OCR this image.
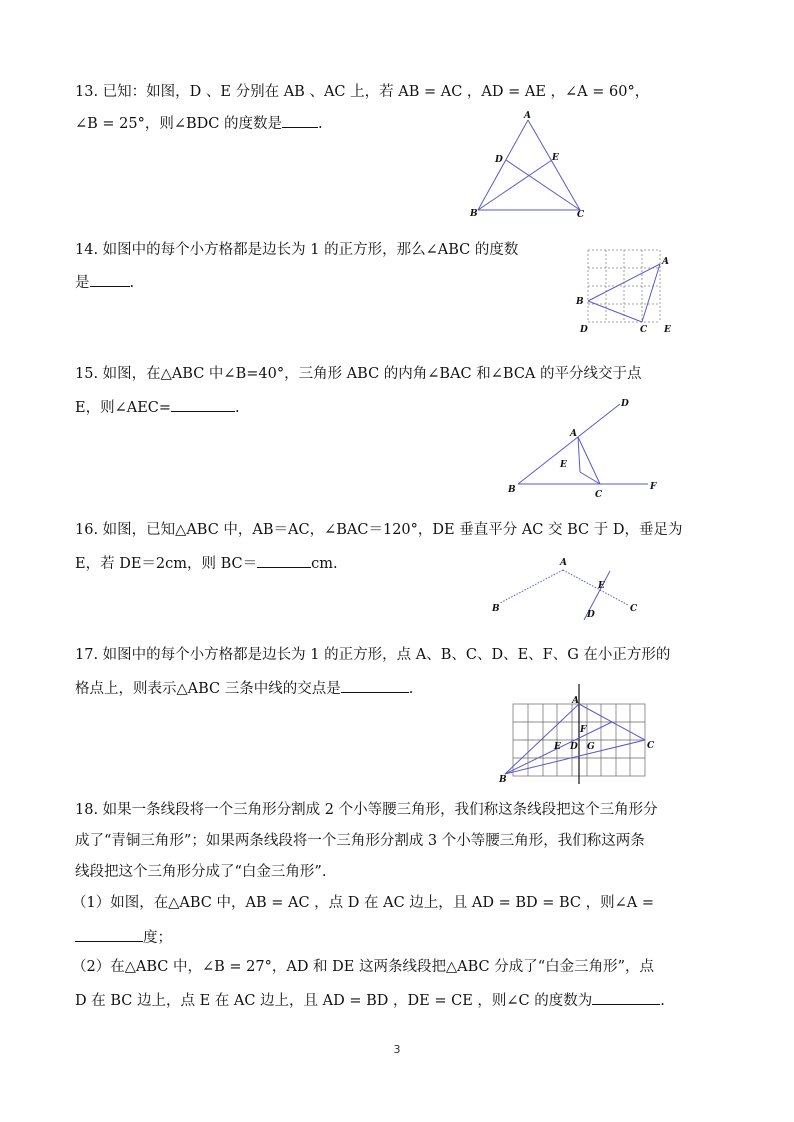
13. 已知：如图，D 、E 分别在 AB 、AC 上，若 AB = AC ，AD = AE ，∠A = 60°，
∠B = 25°，则∠BDC 的度数是 .	A
B	C
D	E
14. 如图中的每个小方格都是边长为 1 的正方形，那么∠ABC 的度数
是	.
A
B
C
D	E
15. 如图，在△ABC 中∠B=40°，三角形 ABC 的内角∠BAC 和∠BCA 的平分线交于点
E，则∠AEC=	.
A
B	C
D
E
F
16. 如图，已知△ABC 中，AB＝AC，∠BAC＝120°，DE 垂直平分 AC 交 BC 于 D，垂足为
E，若 DE＝2cm，则 BC＝	cm.	A
B	C
D
E
17. 如图中的每个小方格都是边长为 1 的正方形，点 A、B、C、D、E、F、G 在小正方形的
格点上，则表示△ABC 三条中线的交点是	.
A
B
C
D
E
F
G
18. 如果一条线段将一个三角形分割成 2 个小等腰三角形，我们称这条线段把这个三角形分
成了“青铜三角形”；如果两条线段将一个三角形分割成 3 个小等腰三角形，我们称这两条
线段把这个三角形分成了“白金三角形”.
（1）如图，在△ABC 中，AB = AC ，点 D 在 AC 边上，且 AD = BD = BC ，则∠A =
度；
（2）在△ABC 中，∠B = 27°，AD 和 DE 这两条线段把△ABC 分成了“白金三角形”，点
D 在 BC 边上，点 E 在 AC 边上，且 AD = BD ，DE = CE ，则∠C 的度数为	.
3
